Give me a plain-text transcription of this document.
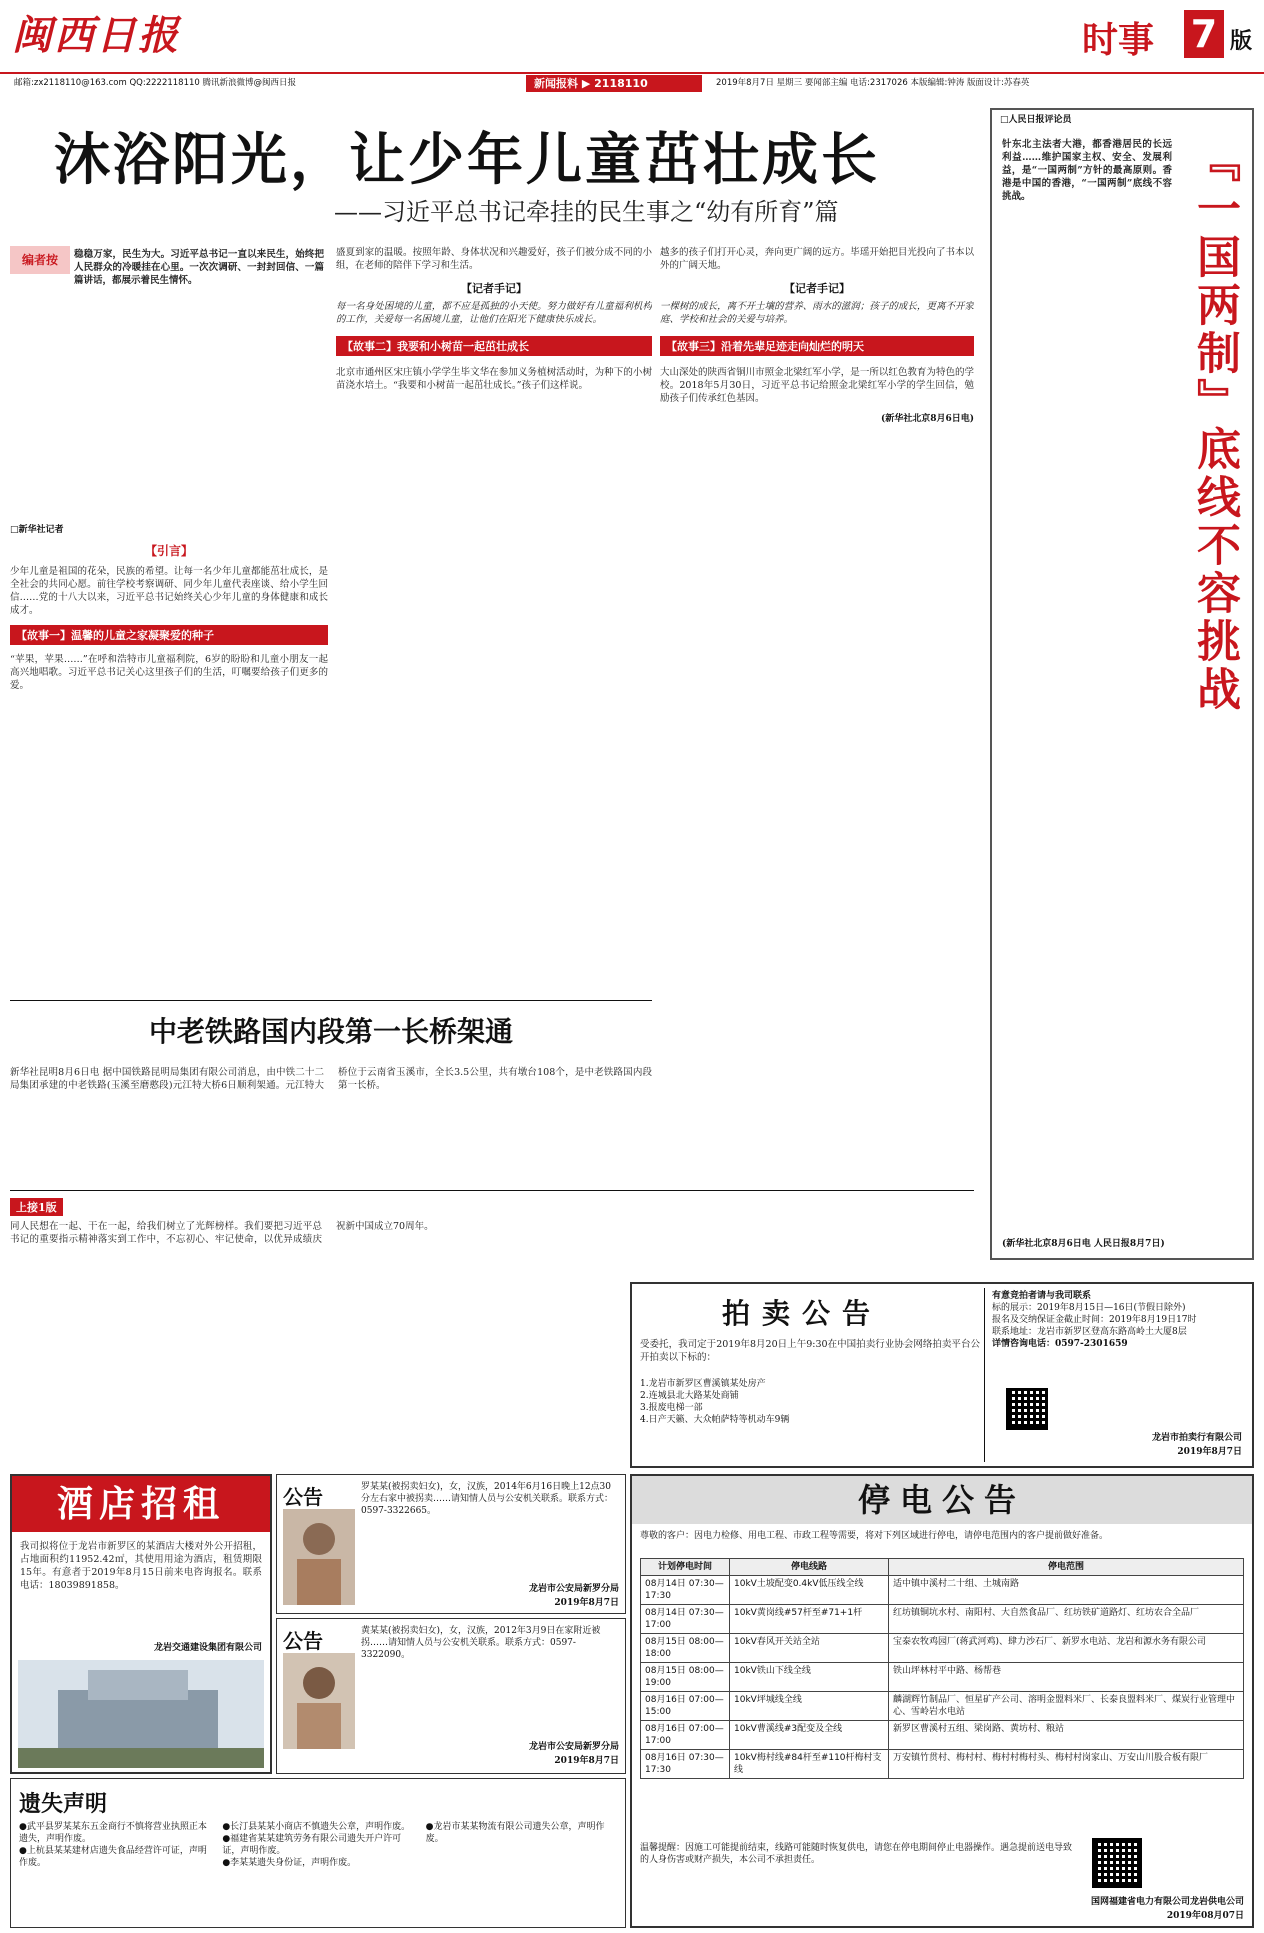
闽西日报	时事 7 版
邮箱:zx2118110@163.com QQ:2222118110 腾讯新浪微博@闽西日报	新闻报料 ▶ 2118110	2019年8月7日 星期三 要闻部主编 电话:2317026 本版编辑:钟涛 版面设计:苏春英
沐浴阳光，让少年儿童茁壮成长
——习近平总书记牵挂的民生事之“幼有所育”篇
编者按	稳稳万家，民生为大。习近平总书记一直以来民生，始终把人民群众的冷暖挂在心里。一次次调研、一封封回信、一篇篇讲话，都展示着民生情怀。
□新华社记者
【引言】
少年儿童是祖国的花朵，民族的希望。让每一名少年儿童都能茁壮成长，是全社会的共同心愿。前往学校考察调研、同少年儿童代表座谈、给小学生回信……党的十八大以来，习近平总书记始终关心少年儿童的身体健康和成长成才。
【故事一】温馨的儿童之家凝聚爱的种子
“苹果，苹果……”在呼和浩特市儿童福利院，6岁的盼盼和儿童小朋友一起高兴地唱歌。习近平总书记关心这里孩子们的生活，叮嘱要给孩子们更多的爱。
盛夏到家的温暖。按照年龄、身体状况和兴趣爱好，孩子们被分成不同的小组，在老师的陪伴下学习和生活。
【记者手记】
每一名身处困境的儿童，都不应是孤独的小天使。努力做好有儿童福利机构的工作，关爱每一名困境儿童，让他们在阳光下健康快乐成长。
【故事二】我要和小树苗一起茁壮成长
北京市通州区宋庄镇小学学生毕文华在参加义务植树活动时，为种下的小树苗浇水培土。“我要和小树苗一起茁壮成长。”孩子们这样说。
越多的孩子们打开心灵，奔向更广阔的远方。毕瑶开始把目光投向了书本以外的广阔天地。
【记者手记】
一棵树的成长，离不开土壤的营养、雨水的滋润；孩子的成长，更离不开家庭、学校和社会的关爱与培养。
【故事三】沿着先辈足迹走向灿烂的明天
大山深处的陕西省铜川市照金北梁红军小学，是一所以红色教育为特色的学校。2018年5月30日，习近平总书记给照金北梁红军小学的学生回信，勉励孩子们传承红色基因。
(新华社北京8月6日电)
中老铁路国内段第一长桥架通
新华社昆明8月6日电 据中国铁路昆明局集团有限公司消息，由中铁二十二局集团承建的中老铁路(玉溪至磨憨段)元江特大桥6日顺利架通。元江特大桥位于云南省玉溪市，全长3.5公里，共有墩台108个，是中老铁路国内段第一长桥。
上接1版
同人民想在一起、干在一起，给我们树立了光辉榜样。我们要把习近平总书记的重要指示精神落实到工作中，不忘初心、牢记使命，以优异成绩庆祝新中国成立70周年。
□人民日报评论员
『一国两制』底线不容挑战
针东北主法者大港，都香港居民的长远利益……维护国家主权、安全、发展利益，是“一国两制”方针的最高原则。香港是中国的香港，“一国两制”底线不容挑战。
(新华社北京8月6日电 人民日报8月7日)
拍卖公告
受委托，我司定于2019年8月20日上午9:30在中国拍卖行业协会网络拍卖平台公开拍卖以下标的：
1.龙岩市新罗区曹溪镇某处房产
2.连城县北大路某处商铺
3.报废电梯一部
4.日产天籁、大众帕萨特等机动车9辆
有意竞拍者请与我司联系
标的展示：2019年8月15日—16日(节假日除外)
报名及交纳保证金截止时间：2019年8月19日17时
联系地址：龙岩市新罗区登高东路高岭土大厦8层
详情咨询电话：0597-2301659
龙岩市拍卖行有限公司
2019年8月7日
酒店招租
我司拟将位于龙岩市新罗区的某酒店大楼对外公开招租，占地面积约11952.42㎡，其使用用途为酒店，租赁期限15年。有意者于2019年8月15日前来电咨询报名。联系电话：18039891858。
龙岩交通建设集团有限公司
公告	罗某某(被拐卖妇女)，女，汉族，2014年6月16日晚上12点30分左右家中被拐卖……请知情人员与公安机关联系。联系方式：0597-3322665。
龙岩市公安局新罗分局
2019年8月7日
公告	黄某某(被拐卖妇女)，女，汉族，2012年3月9日在家附近被拐……请知情人员与公安机关联系。联系方式：0597-3322090。
龙岩市公安局新罗分局
2019年8月7日
遗失声明
●武平县罗某某东五金商行不慎将营业执照正本遗失，声明作废。
●上杭县某某建材店遗失食品经营许可证，声明作废。
●长汀县某某小商店不慎遗失公章，声明作废。
●福建省某某建筑劳务有限公司遗失开户许可证，声明作废。
●李某某遗失身份证，声明作废。
●龙岩市某某物流有限公司遗失公章，声明作废。
停电公告
尊敬的客户：因电力检修、用电工程、市政工程等需要，将对下列区域进行停电，请停电范围内的客户提前做好准备。
计划停电时间	停电线路	停电范围
08月14日 07:30—17:30	10kV土坡配变0.4kV低压线全线	适中镇中溪村二十组、土城南路
08月14日 07:30—17:00	10kV黄岗线#57杆至#71+1杆	红坊镇铜坑水村、南阳村、大自然食品厂、红坊铁矿道路灯、红坊农合全品厂
08月15日 08:00—18:00	10kV春风开关站全站	宝泰农牧鸡园厂(蒋武河鸡)、肆力沙石厂、新罗水电站、龙岩和源水务有限公司
08月15日 08:00—19:00	10kV铁山下线全线	铁山坪林村平中路、杨帮巷
08月16日 07:00—15:00	10kV坪城线全线	麟湖辉竹制品厂、恒星矿产公司、溶明金盟料米厂、长泰良盟料米厂、煤炭行业管理中心、雪岭岩水电站
08月16日 07:00—17:00	10kV曹溪线#3配变及全线	新罗区曹溪村五组、梁岗路、黄坊村、粮站
08月16日 07:30—17:30	10kV梅村线#84杆至#110杆梅村支线	万安镇竹贯村、梅村村、梅村村梅村头、梅村村岗家山、万安山川股合板有限厂
温馨提醒：因施工可能提前结束，线路可能随时恢复供电，请您在停电期间停止电器操作。遇急提前送电导致的人身伤害或财产损失，本公司不承担责任。
国网福建省电力有限公司龙岩供电公司
2019年08月07日
